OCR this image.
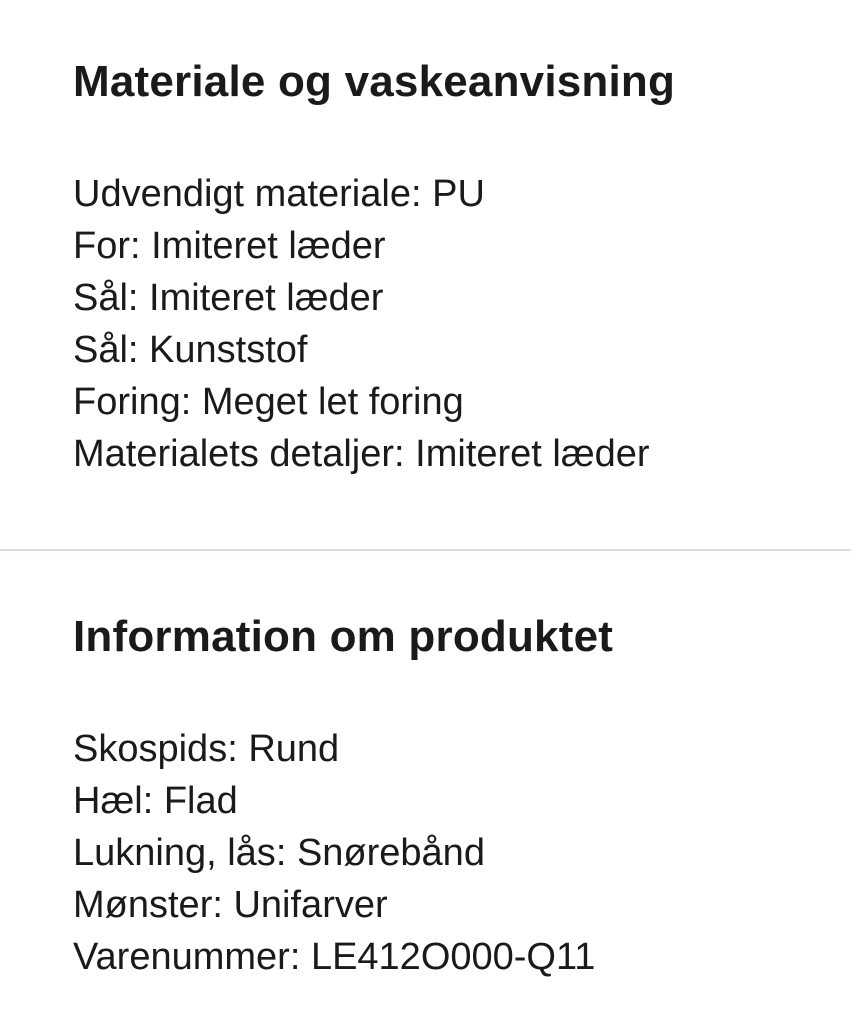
Materiale og vaskeanvisning
Udvendigt materiale: PU
For: Imiteret læder
Sål: Imiteret læder
Sål: Kunststof
Foring: Meget let foring
Materialets detaljer: Imiteret læder
Information om produktet
Skospids: Rund
Hæl: Flad
Lukning, lås: Snørebånd
Mønster: Unifarver
Varenummer: LE412O000-Q11
